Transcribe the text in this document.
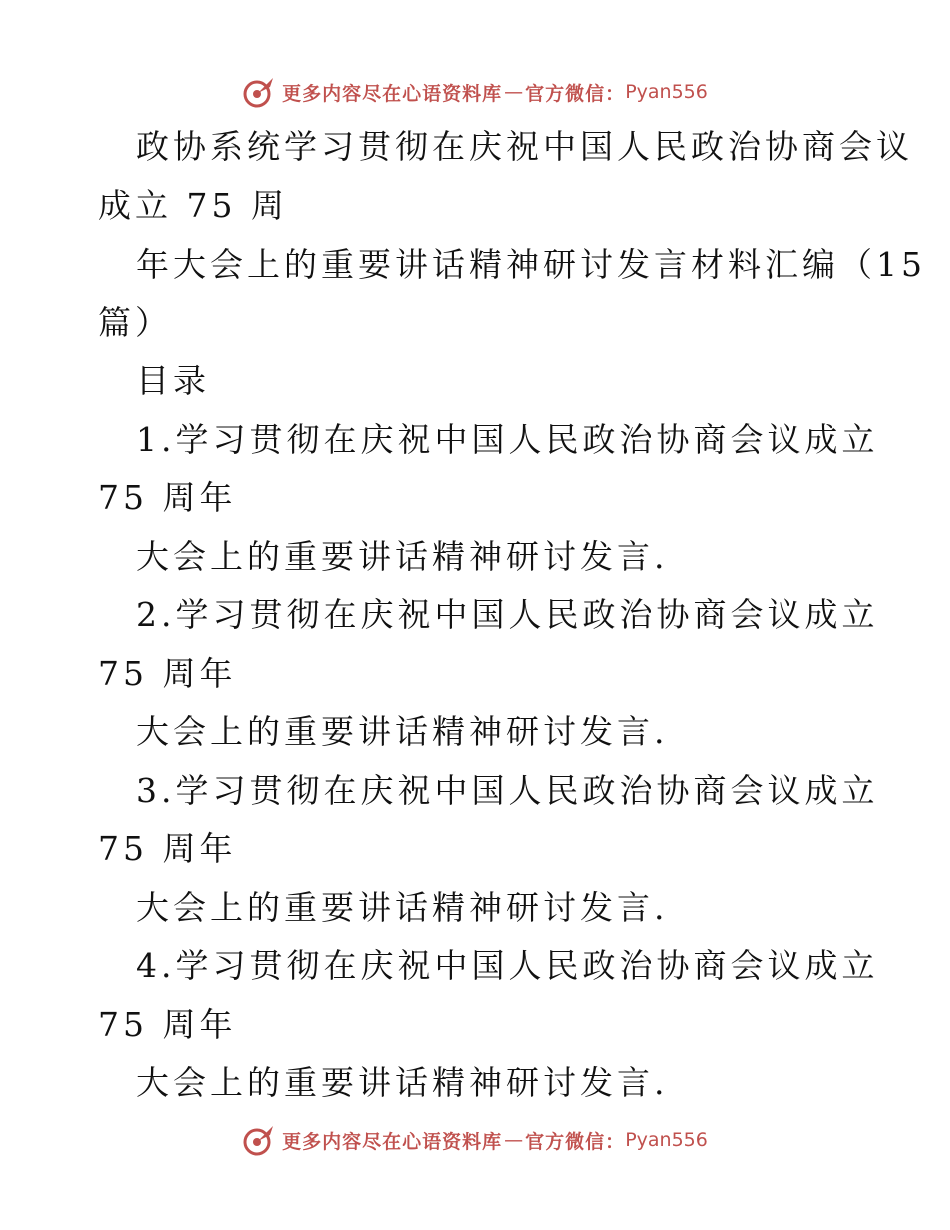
更多内容尽在心语资料库 — 官方微信： Pyan556
政协系统学习贯彻在庆祝中国人民政治协商会议
成立 75 周
年大会上的重要讲话精神研讨发言材料汇编（15
篇）
目录
1.学习贯彻在庆祝中国人民政治协商会议成立
75 周年
大会上的重要讲话精神研讨发言.
2.学习贯彻在庆祝中国人民政治协商会议成立
75 周年
大会上的重要讲话精神研讨发言.
3.学习贯彻在庆祝中国人民政治协商会议成立
75 周年
大会上的重要讲话精神研讨发言.
4.学习贯彻在庆祝中国人民政治协商会议成立
75 周年
大会上的重要讲话精神研讨发言.
更多内容尽在心语资料库 — 官方微信： Pyan556
